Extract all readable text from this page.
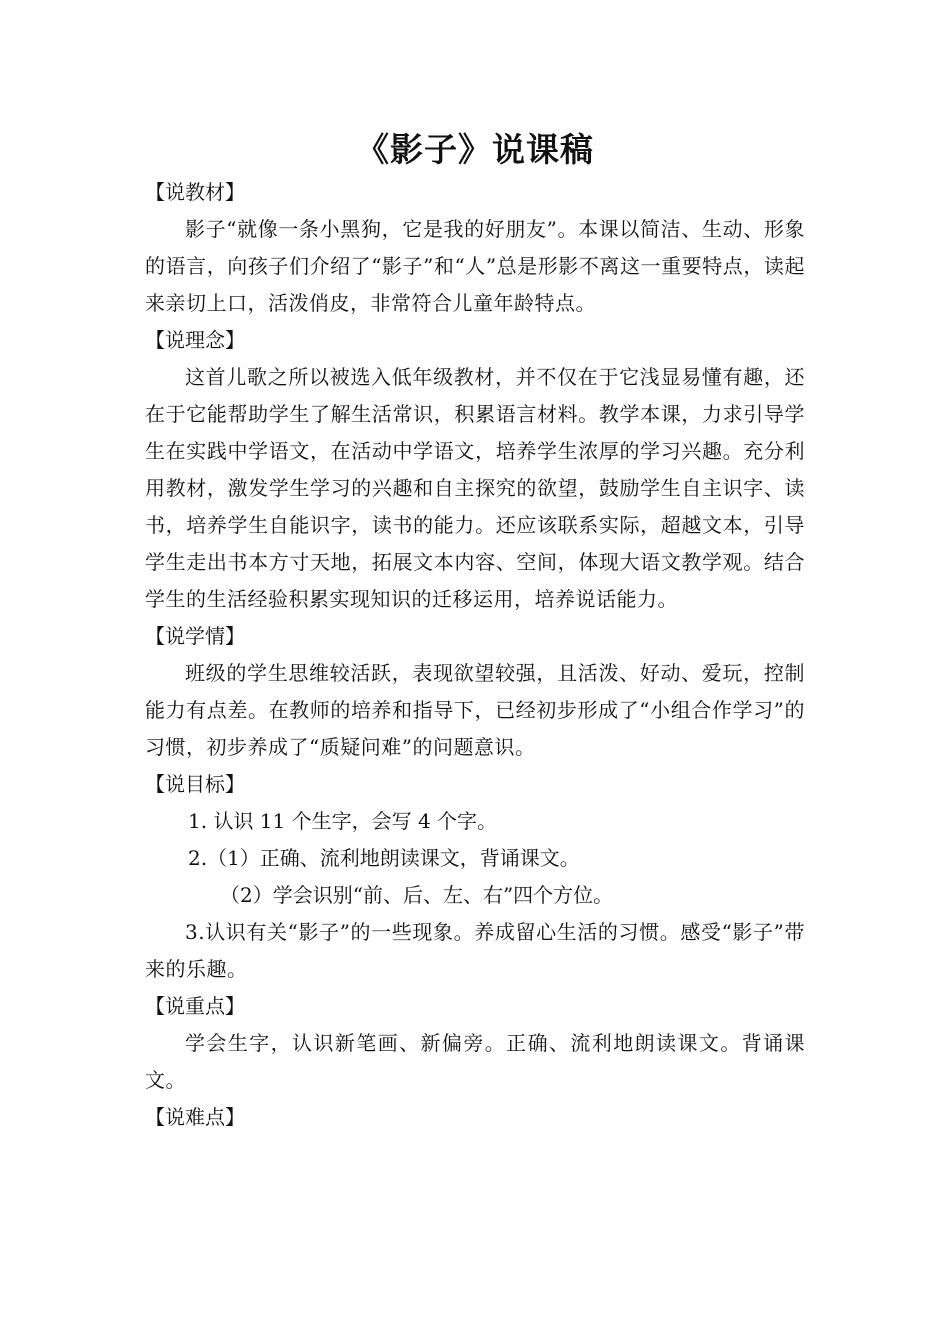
《影子》说课稿

【说教材】

影子“就像一条小黑狗，它是我的好朋友”。本课以简洁、生动、形象的语言，向孩子们介绍了“影子”和“人”总是形影不离这一重要特点，读起来亲切上口，活泼俏皮，非常符合儿童年龄特点。

【说理念】

这首儿歌之所以被选入低年级教材，并不仅在于它浅显易懂有趣，还在于它能帮助学生了解生活常识，积累语言材料。教学本课，力求引导学生在实践中学语文，在活动中学语文，培养学生浓厚的学习兴趣。充分利用教材，激发学生学习的兴趣和自主探究的欲望，鼓励学生自主识字、读书，培养学生自能识字，读书的能力。还应该联系实际，超越文本，引导学生走出书本方寸天地，拓展文本内容、空间，体现大语文教学观。结合学生的生活经验积累实现知识的迁移运用，培养说话能力。

【说学情】

班级的学生思维较活跃，表现欲望较强，且活泼、好动、爱玩，控制能力有点差。在教师的培养和指导下，已经初步形成了“小组合作学习”的习惯，初步养成了“质疑问难”的问题意识。

【说目标】

1. 认识 11 个生字，会写 4 个字。

2.（1）正确、流利地朗读课文，背诵课文。

（2）学会识别“前、后、左、右”四个方位。

3.认识有关“影子”的一些现象。养成留心生活的习惯。感受“影子”带来的乐趣。

【说重点】

学会生字，认识新笔画、新偏旁。正确、流利地朗读课文。背诵课文。

【说难点】
